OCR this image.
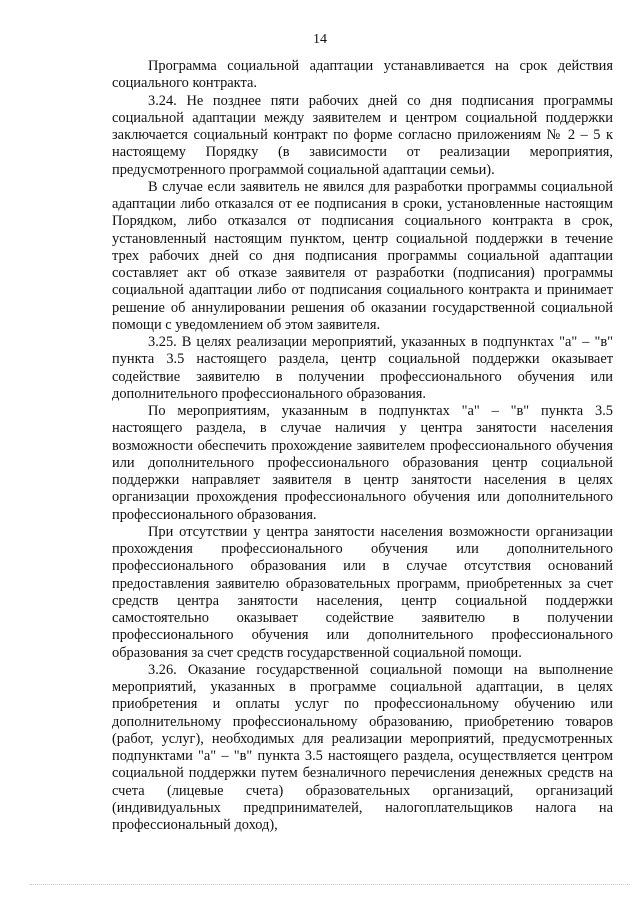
14

Программа социальной адаптации устанавливается на срок действия социального контракта.

3.24. Не позднее пяти рабочих дней со дня подписания программы социальной адаптации между заявителем и центром социальной поддержки заключается социальный контракт по форме согласно приложениям № 2 – 5 к настоящему Порядку (в зависимости от реализации мероприятия, предусмотренного программой социальной адаптации семьи).

В случае если заявитель не явился для разработки программы социальной адаптации либо отказался от ее подписания в сроки, установленные настоящим Порядком, либо отказался от подписания социального контракта в срок, установленный настоящим пунктом, центр социальной поддержки в течение трех рабочих дней со дня подписания программы социальной адаптации составляет акт об отказе заявителя от разработки (подписания) программы социальной адаптации либо от подписания социального контракта и принимает решение об аннулировании решения об оказании государственной социальной помощи с уведомлением об этом заявителя.

3.25. В целях реализации мероприятий, указанных в подпунктах "а" – "в" пункта 3.5 настоящего раздела, центр социальной поддержки оказывает содействие заявителю в получении профессионального обучения или дополнительного профессионального образования.

По мероприятиям, указанным в подпунктах "а" – "в" пункта 3.5 настоящего раздела, в случае наличия у центра занятости населения возможности обеспечить прохождение заявителем профессионального обучения или дополнительного профессионального образования центр социальной поддержки направляет заявителя в центр занятости населения в целях организации прохождения профессионального обучения или дополнительного профессионального образования.

При отсутствии у центра занятости населения возможности организации прохождения профессионального обучения или дополнительного профессионального образования или в случае отсутствия оснований предоставления заявителю образовательных программ, приобретенных за счет средств центра занятости населения, центр социальной поддержки самостоятельно оказывает содействие заявителю в получении профессионального обучения или дополнительного профессионального образования за счет средств государственной социальной помощи.

3.26. Оказание государственной социальной помощи на выполнение мероприятий, указанных в программе социальной адаптации, в целях приобретения и оплаты услуг по профессиональному обучению или дополнительному профессиональному образованию, приобретению товаров (работ, услуг), необходимых для реализации мероприятий, предусмотренных подпунктами "а" – "в" пункта 3.5 настоящего раздела, осуществляется центром социальной поддержки путем безналичного перечисления денежных средств на счета (лицевые счета) образовательных организаций, организаций (индивидуальных предпринимателей, налогоплательщиков налога на профессиональный доход),
